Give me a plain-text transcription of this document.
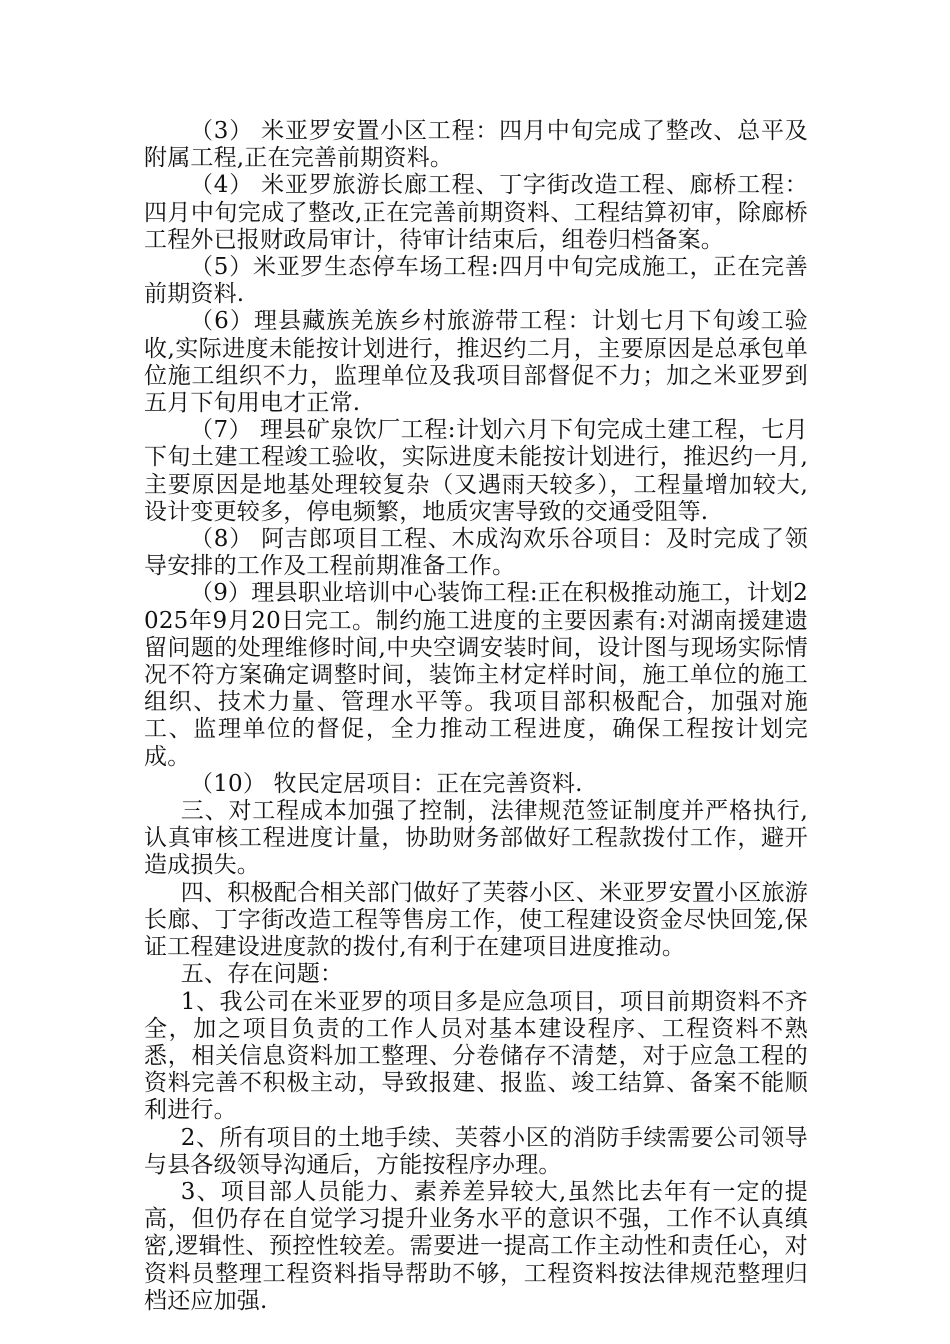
（3） 米亚罗安置小区工程：四月中旬完成了整改、总平及附属工程,正在完善前期资料。

（4） 米亚罗旅游长廊工程、丁字街改造工程、廊桥工程：四月中旬完成了整改,正在完善前期资料、工程结算初审，除廊桥工程外已报财政局审计，待审计结束后，组卷归档备案。

（5）米亚罗生态停车场工程:四月中旬完成施工，正在完善前期资料.

（6）理县藏族羌族乡村旅游带工程：计划七月下旬竣工验收,实际进度未能按计划进行，推迟约二月，主要原因是总承包单位施工组织不力，监理单位及我项目部督促不力；加之米亚罗到五月下旬用电才正常.

（7） 理县矿泉饮厂工程:计划六月下旬完成土建工程，七月下旬土建工程竣工验收，实际进度未能按计划进行，推迟约一月,主要原因是地基处理较复杂（又遇雨天较多），工程量增加较大,设计变更较多，停电频繁，地质灾害导致的交通受阻等.

（8） 阿吉郎项目工程、木成沟欢乐谷项目：及时完成了领导安排的工作及工程前期准备工作。

（9）理县职业培训中心装饰工程:正在积极推动施工，计划2025年9月20日完工。制约施工进度的主要因素有:对湖南援建遗留问题的处理维修时间,中央空调安装时间，设计图与现场实际情况不符方案确定调整时间，装饰主材定样时间，施工单位的施工组织、技术力量、管理水平等。我项目部积极配合，加强对施工、监理单位的督促，全力推动工程进度，确保工程按计划完成。

（10） 牧民定居项目：正在完善资料.

三、对工程成本加强了控制，法律规范签证制度并严格执行,认真审核工程进度计量，协助财务部做好工程款拨付工作，避开造成损失。

四、积极配合相关部门做好了芙蓉小区、米亚罗安置小区旅游长廊、丁字街改造工程等售房工作，使工程建设资金尽快回笼,保证工程建设进度款的拨付,有利于在建项目进度推动。

五、存在问题：

1、我公司在米亚罗的项目多是应急项目，项目前期资料不齐全，加之项目负责的工作人员对基本建设程序、工程资料不熟悉，相关信息资料加工整理、分卷储存不清楚，对于应急工程的资料完善不积极主动，导致报建、报监、竣工结算、备案不能顺利进行。

2、所有项目的土地手续、芙蓉小区的消防手续需要公司领导与县各级领导沟通后，方能按程序办理。

3、项目部人员能力、素养差异较大,虽然比去年有一定的提高，但仍存在自觉学习提升业务水平的意识不强，工作不认真缜密,逻辑性、预控性较差。需要进一提高工作主动性和责任心，对资料员整理工程资料指导帮助不够，工程资料按法律规范整理归档还应加强.
